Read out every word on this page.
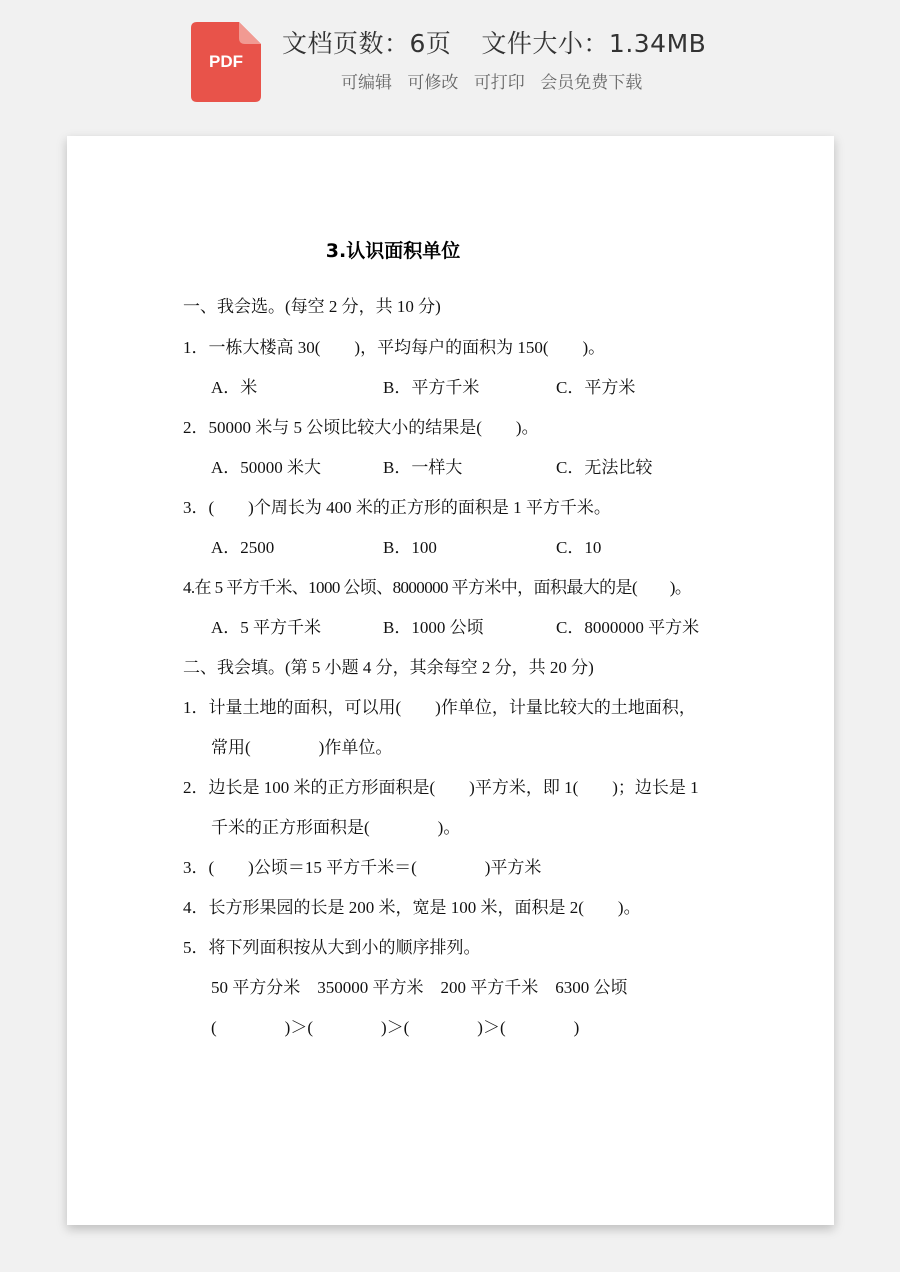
PDF
文档页数：6页 文件大小：1.34MB
可编辑 可修改 可打印 会员免费下载
3.认识面积单位
一、我会选。(每空 2 分，共 10 分)
1．一栋大楼高 30(　　)，平均每户的面积为 150(　　)。
A．米	B．平方千米	C．平方米
2．50000 米与 5 公顷比较大小的结果是(　　)。
A．50000 米大	B．一样大	C．无法比较
3．(　　)个周长为 400 米的正方形的面积是 1 平方千米。
A．2500	B．100	C．10
4.在 5 平方千米、1000 公顷、8000000 平方米中，面积最大的是(　　)。
A．5 平方千米	B．1000 公顷	C．8000000 平方米
二、我会填。(第 5 小题 4 分，其余每空 2 分，共 20 分)
1．计量土地的面积，可以用(　　)作单位，计量比较大的土地面积，
常用(　　　　)作单位。
2．边长是 100 米的正方形面积是(　　)平方米，即 1(　　)；边长是 1
千米的正方形面积是(　　　　)。
3．(　　)公顷＝15 平方千米＝(　　　　)平方米
4．长方形果园的长是 200 米，宽是 100 米，面积是 2(　　)。
5．将下列面积按从大到小的顺序排列。
50 平方分米　350000 平方米　200 平方千米　6300 公顷
(　　　　)＞(　　　　)＞(　　　　)＞(　　　　)
